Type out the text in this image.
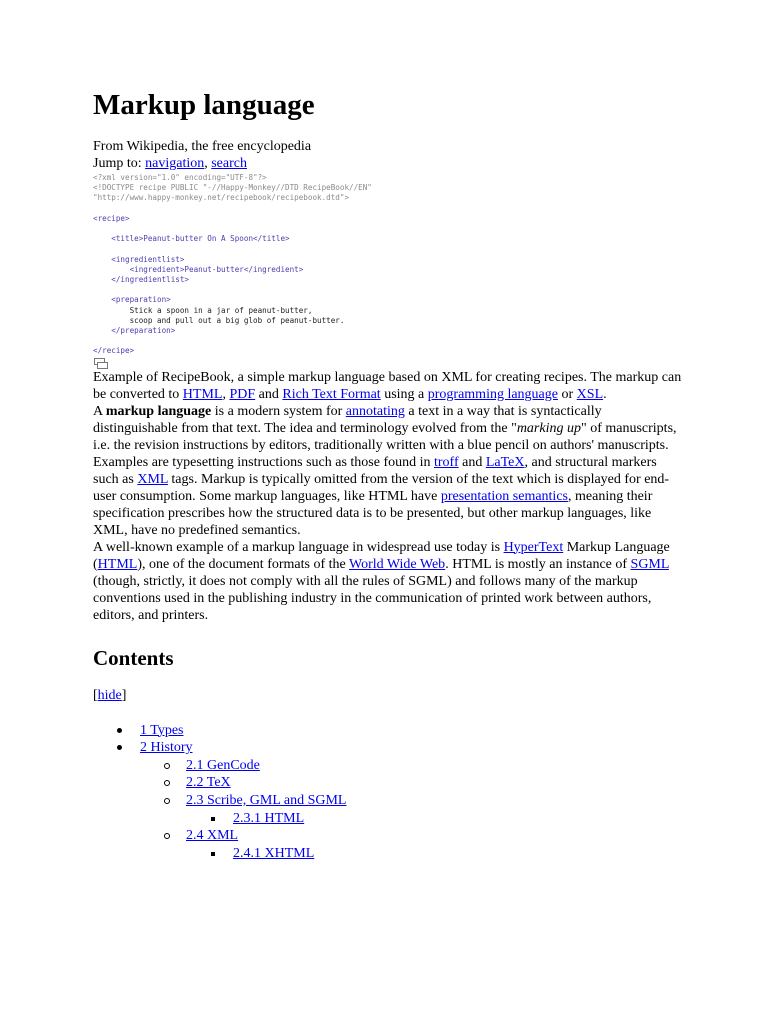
Markup language
From Wikipedia, the free encyclopedia
Jump to: navigation, search
<?xml version="1.0" encoding="UTF-8"?>
<!DOCTYPE recipe PUBLIC "-//Happy-Monkey//DTD RecipeBook//EN"
"http://www.happy-monkey.net/recipebook/recipebook.dtd">
<recipe>
<title>Peanut-butter On A Spoon</title>
<ingredientlist>
<ingredient>Peanut-butter</ingredient>
</ingredientlist>
<preparation>
Stick a spoon in a jar of peanut-butter,
scoop and pull out a big glob of peanut-butter.
</preparation>
</recipe>

Example of RecipeBook, a simple markup language based on XML for creating recipes. The markup can be converted to HTML, PDF and Rich Text Format using a programming language or XSL.

A markup language is a modern system for annotating a text in a way that is syntactically distinguishable from that text. The idea and terminology evolved from the "marking up" of manuscripts, i.e. the revision instructions by editors, traditionally written with a blue pencil on authors' manuscripts. Examples are typesetting instructions such as those found in troff and LaTeX, and structural markers such as XML tags. Markup is typically omitted from the version of the text which is displayed for end-user consumption. Some markup languages, like HTML have presentation semantics, meaning their specification prescribes how the structured data is to be presented, but other markup languages, like XML, have no predefined semantics.

A well-known example of a markup language in widespread use today is HyperText Markup Language (HTML), one of the document formats of the World Wide Web. HTML is mostly an instance of SGML (though, strictly, it does not comply with all the rules of SGML) and follows many of the markup conventions used in the publishing industry in the communication of printed work between authors, editors, and printers.

Contents
[hide]
1 Types
2 History
2.1 GenCode
2.2 TeX
2.3 Scribe, GML and SGML
2.3.1 HTML
2.4 XML
2.4.1 XHTML
